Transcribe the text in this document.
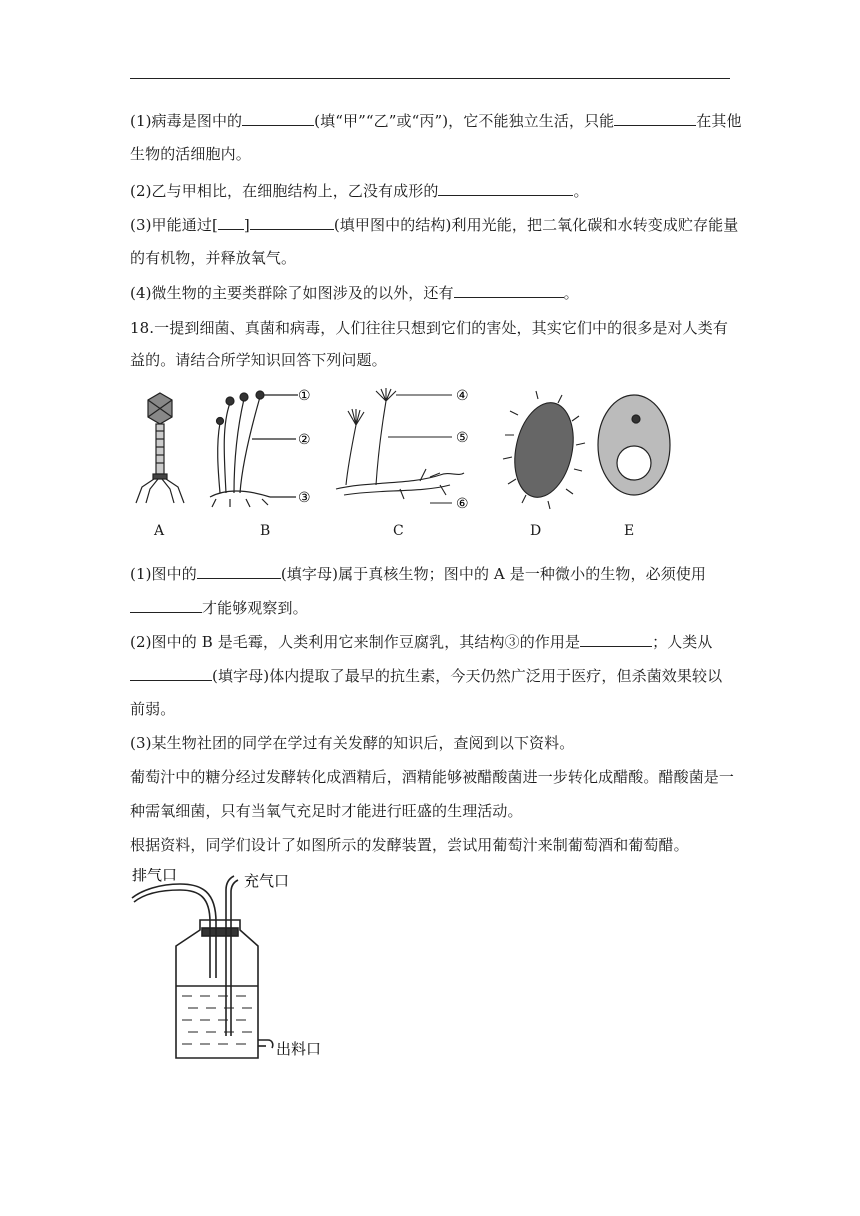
(1)病毒是图中的	(填“甲”“乙”或“丙”)，它不能独立生活，只能	在其他
生物的活细胞内。
(2)乙与甲相比，在细胞结构上，乙没有成形的	。
(3)甲能通过[ ]	(填甲图中的结构)利用光能，把二氧化碳和水转变成贮存能量
的有机物，并释放氧气。
(4)微生物的主要类群除了如图涉及的以外，还有	。
18.一提到细菌、真菌和病毒，人们往往只想到它们的害处，其实它们中的很多是对人类有
益的。请结合所学知识回答下列问题。
①
②
③
④
⑤
⑥
A	B	C	D	E
(1)图中的	(填字母)属于真核生物；图中的 A 是一种微小的生物，必须使用
才能够观察到。
(2)图中的 B 是毛霉，人类利用它来制作豆腐乳，其结构③的作用是	；人类从
(填字母)体内提取了最早的抗生素，今天仍然广泛用于医疗，但杀菌效果较以
前弱。
(3)某生物社团的同学在学过有关发酵的知识后，查阅到以下资料。
葡萄汁中的糖分经过发酵转化成酒精后，酒精能够被醋酸菌进一步转化成醋酸。醋酸菌是一
种需氧细菌，只有当氧气充足时才能进行旺盛的生理活动。
根据资料，同学们设计了如图所示的发酵装置，尝试用葡萄汁来制葡萄酒和葡萄醋。
排气口	充气口
出料口
